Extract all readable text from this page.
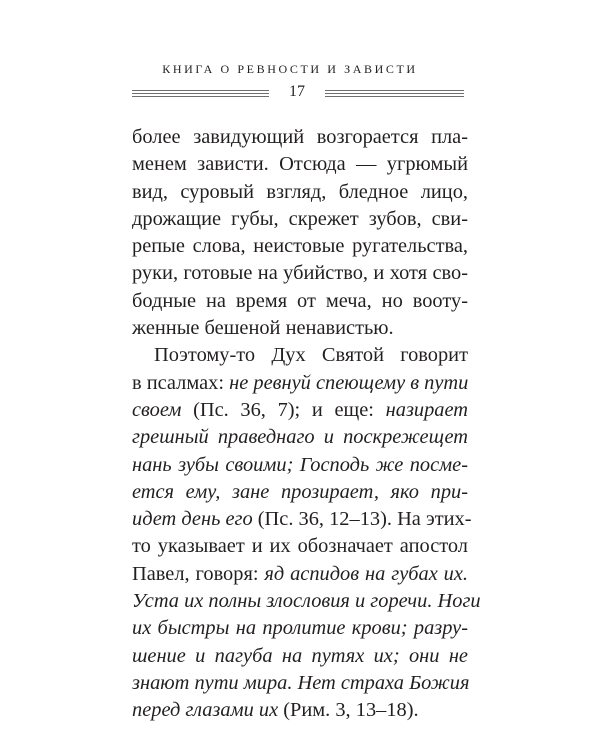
КНИГА О РЕВНОСТИ И ЗАВИСТИ
17
более завидующий возгорается пла-
менем зависти. Отсюда — угрюмый
вид, суровый взгляд, бледное лицо,
дрожащие губы, скрежет зубов, сви-
репые слова, неистовые ругательства,
руки, готовые на убийство, и хотя сво-
бодные на время от меча, но вооту-
женные бешеной ненавистью.
Поэтому-то Дух Святой говорит
в псалмах: не ревнуй спеющему в пути
своем (Пс. 36, 7); и еще: назирает
грешный праведнаго и поскрежещет
нань зубы своими; Господь же посме-
ется ему, зане прозирает, яко при-
идет день его (Пс. 36, 12–13). На этих-
то указывает и их обозначает апостол
Павел, говоря: яд аспидов на губах их.
Уста их полны злословия и горечи. Ноги
их быстры на пролитие крови; разру-
шение и пагуба на путях их; они не
знают пути мира. Нет страха Божия
перед глазами их (Рим. 3, 13–18).
